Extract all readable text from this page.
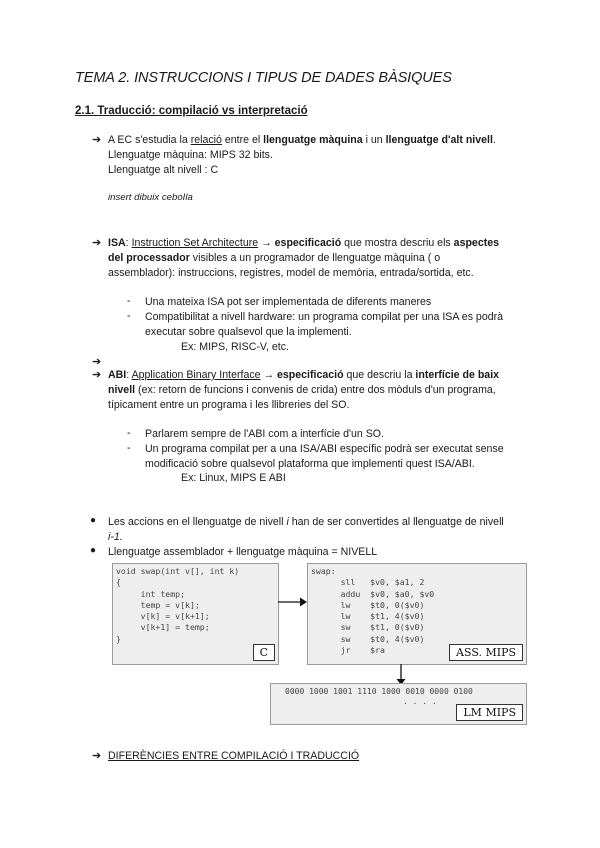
TEMA 2. INSTRUCCIONS I TIPUS DE DADES BÀSIQUES
2.1. Traducció: compilació vs interpretació
➔ A EC s'estudia la relació entre el llenguatge màquina i un llenguatge d'alt nivell.
Llenguatge màquina: MIPS 32 bits.
Llenguatge alt nivell : C
insert dibuix ceboIla
➔ ISA: Instruction Set Architecture → especificació que mostra descriu els aspectes
del processador visibles a un programador de llenguatge màquina ( o
assemblador): instruccions, registres, model de memòria, entrada/sortida, etc.
- Una mateixa ISA pot ser implementada de diferents maneres
- Compatibilitat a nivell hardware: un programa compilat per una ISA es podrà
executar sobre qualsevol que la implementi.
Ex: MIPS, RISC-V, etc.
➔
➔ ABI: Application Binary Interface → especificació que descriu la interfície de baix
nivell (ex: retorn de funcions i convenis de crida) entre dos mòduls d'un programa,
típicament entre un programa i les llibreries del SO.
- Parlarem sempre de l'ABI com a interfície d'un SO.
- Un programa compilat per a una ISA/ABI específic podrà ser executat sense
modificació sobre qualsevol plataforma que implementi quest ISA/ABI.
Ex: Linux, MIPS E ABI
● Les accions en el llenguatge de nivell i han de ser convertides al llenguatge de nivell
i-1.
● Llenguatge assemblador + llenguatge màquina = NIVELL
void swap(int v[], int k)
{
int temp;
temp = v[k];
v[k] = v[k+1];
v[k+1] = temp;
}
C
swap:
sll   $v0, $a1, 2
addu  $v0, $a0, $v0
lw    $t0, 0($v0)
lw    $t1, 4($v0)
sw    $t1, 0($v0)
sw    $t0, 4($v0)
jr    $ra	ASS. MIPS
0000 1000 1001 1110 1000 0010 0000 0100
. . . .
LM MIPS
➔ DIFERÈNCIES ENTRE COMPILACIÓ I TRADUCCIÓ
